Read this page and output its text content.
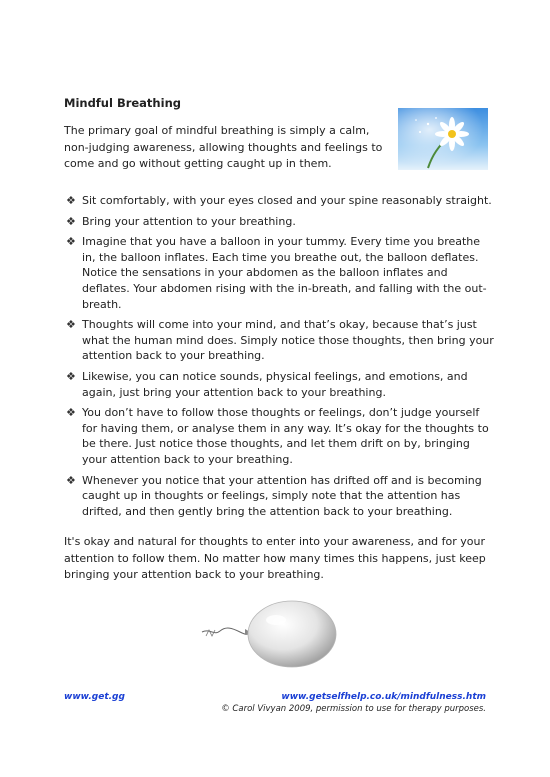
Mindful Breathing
The primary goal of mindful breathing is simply a calm, non-judging awareness, allowing thoughts and feelings to come and go without getting caught up in them.
❖ Sit comfortably, with your eyes closed and your spine reasonably straight.
❖ Bring your attention to your breathing.
❖ Imagine that you have a balloon in your tummy. Every time you breathe in, the balloon inflates. Each time you breathe out, the balloon deflates. Notice the sensations in your abdomen as the balloon inflates and deflates. Your abdomen rising with the in-breath, and falling with the out-breath.
❖ Thoughts will come into your mind, and that’s okay, because that’s just what the human mind does. Simply notice those thoughts, then bring your attention back to your breathing.
❖ Likewise, you can notice sounds, physical feelings, and emotions, and again, just bring your attention back to your breathing.
❖ You don’t have to follow those thoughts or feelings, don’t judge yourself for having them, or analyse them in any way. It’s okay for the thoughts to be there. Just notice those thoughts, and let them drift on by, bringing your attention back to your breathing.
❖ Whenever you notice that your attention has drifted off and is becoming caught up in thoughts or feelings, simply note that the attention has drifted, and then gently bring the attention back to your breathing.
It's okay and natural for thoughts to enter into your awareness, and for your attention to follow them. No matter how many times this happens, just keep bringing your attention back to your breathing.
www.get.gg	www.getselfhelp.co.uk/mindfulness.htm
© Carol Vivyan 2009, permission to use for therapy purposes.
